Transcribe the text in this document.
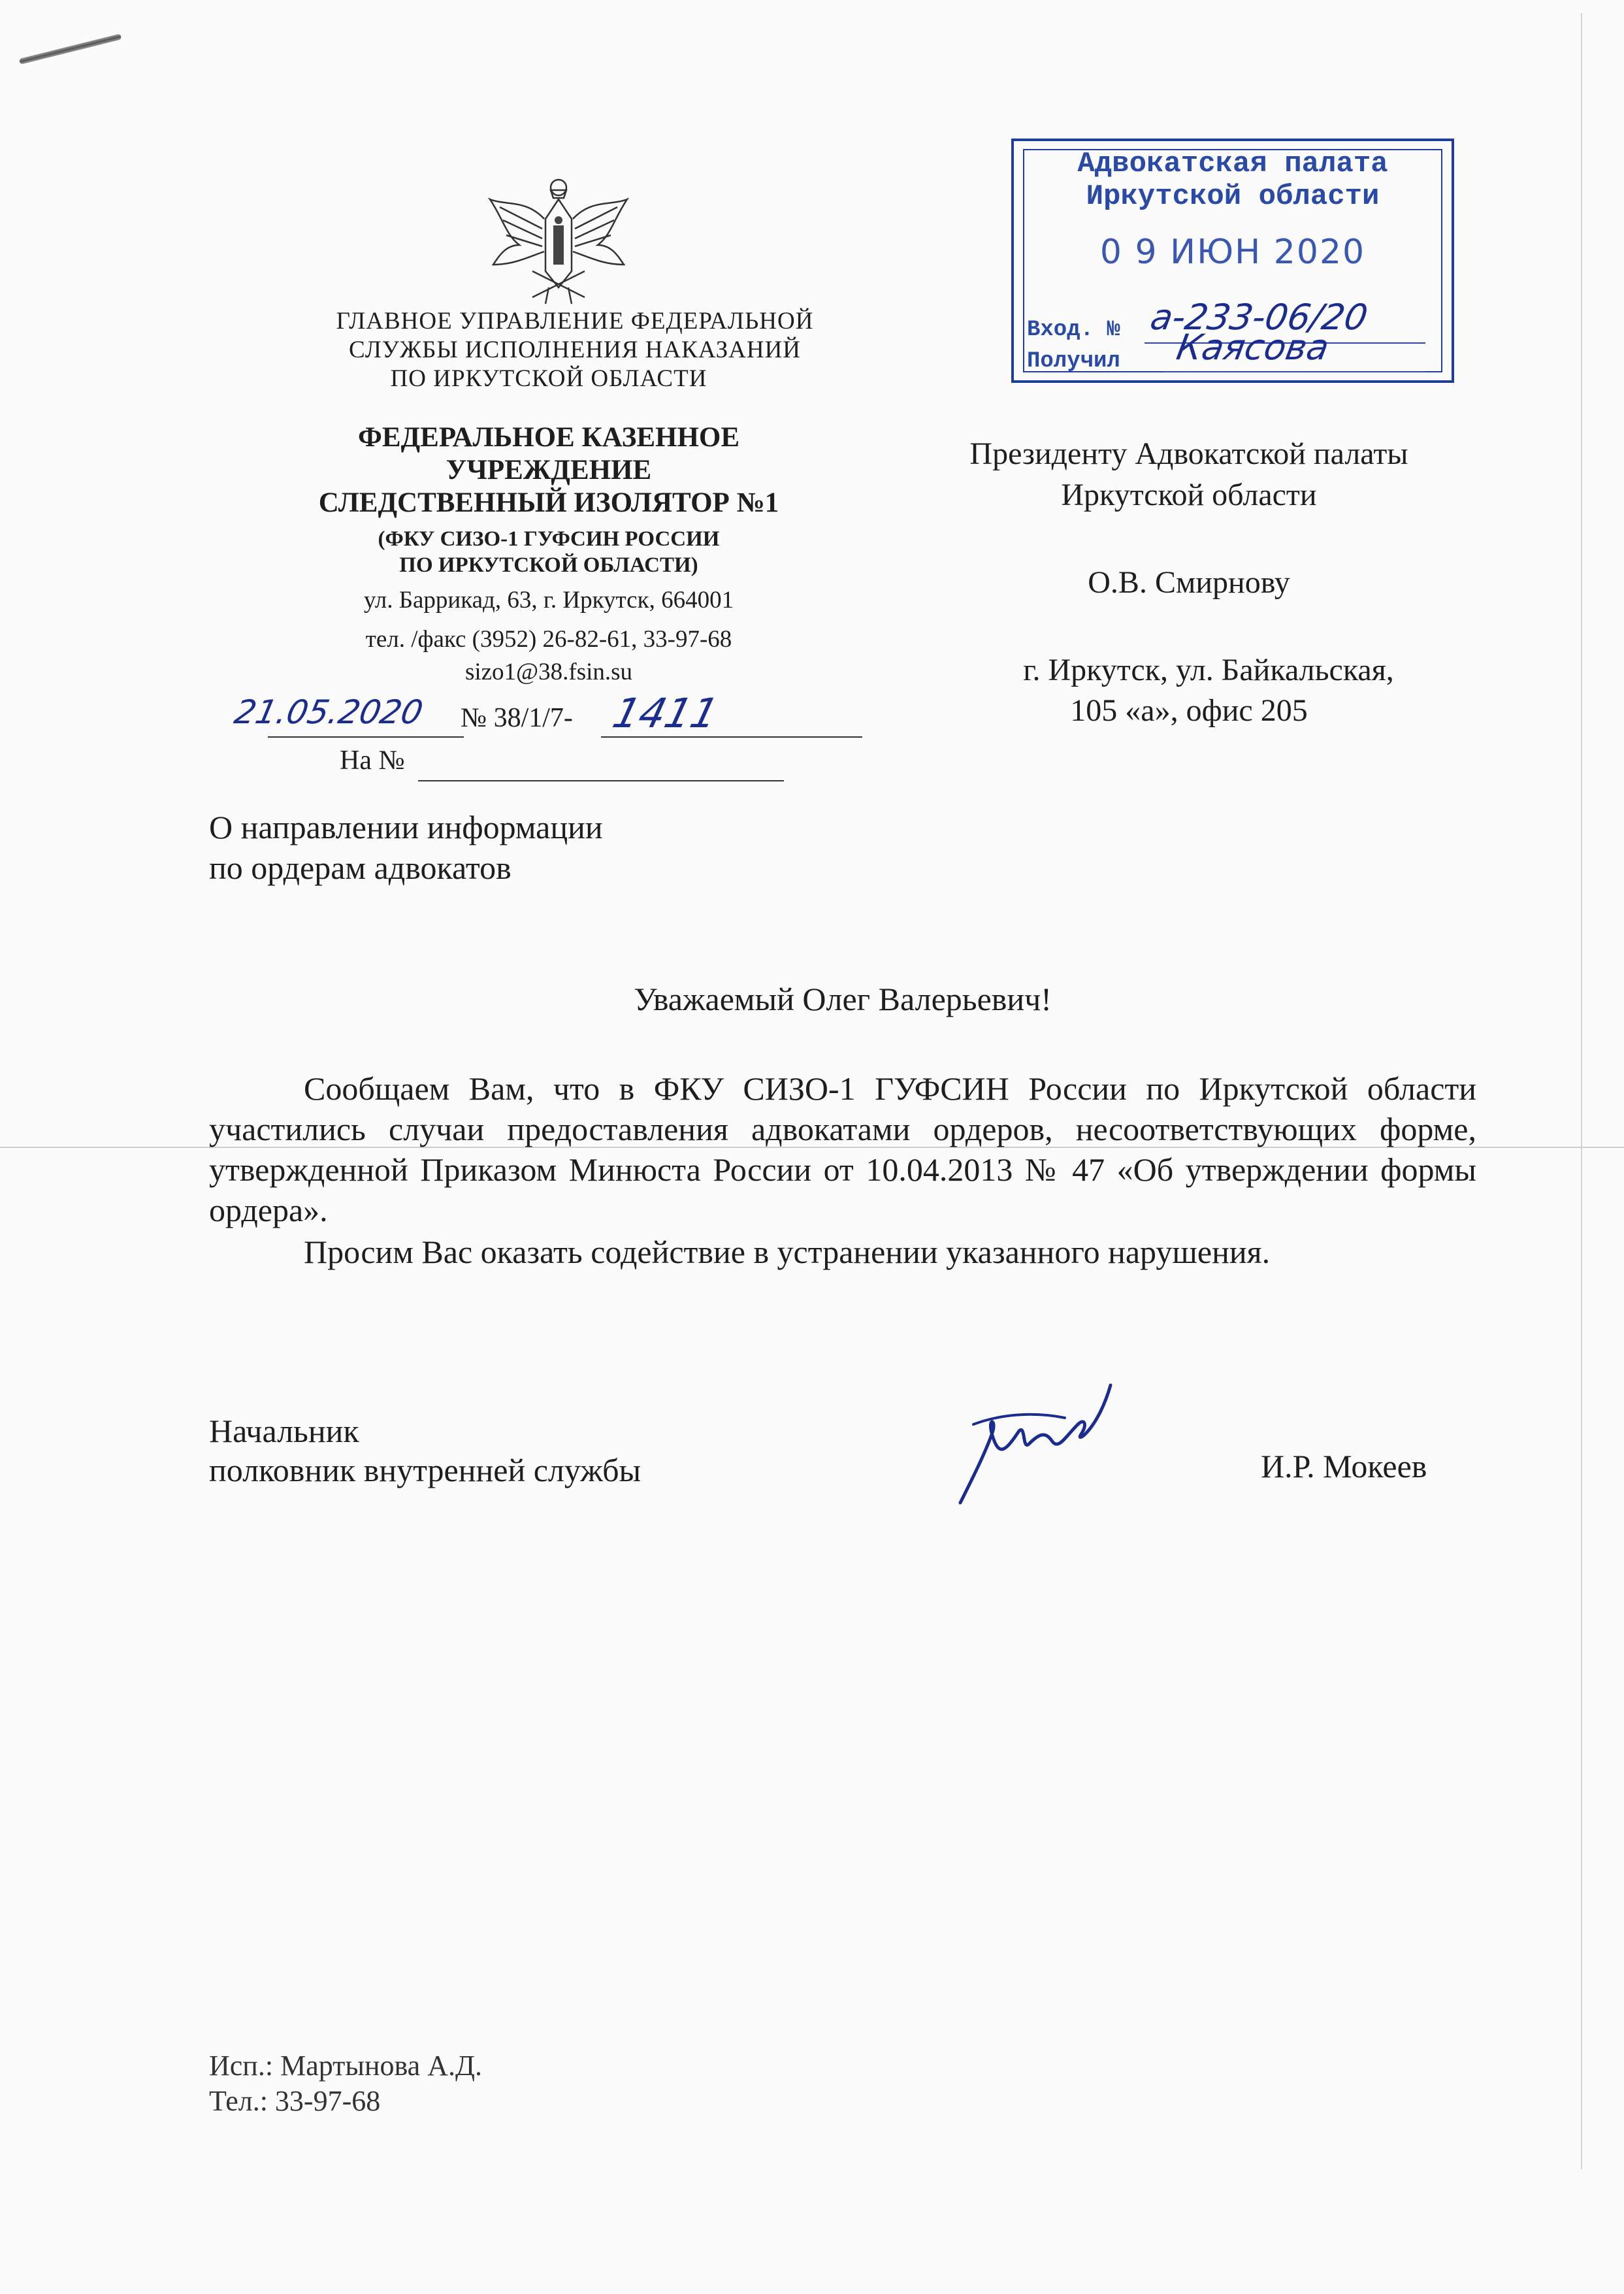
ГЛАВНОЕ УПРАВЛЕНИЕ ФЕДЕРАЛЬНОЙ
СЛУЖБЫ ИСПОЛНЕНИЯ НАКАЗАНИЙ
ПО ИРКУТСКОЙ ОБЛАСТИ
ФЕДЕРАЛЬНОЕ КАЗЕННОЕ
УЧРЕЖДЕНИЕ
СЛЕДСТВЕННЫЙ ИЗОЛЯТОР №1
(ФКУ СИЗО-1 ГУФСИН РОССИИ
ПО ИРКУТСКОЙ ОБЛАСТИ)
ул. Баррикад, 63, г. Иркутск, 664001
тел. /факс (3952) 26-82-61, 33-97-68
sizo1@38.fsin.su
21.05.2020 № 38/1/7- 1411
На №
Адвокатская палата
Иркутской области
0 9 ИЮН 2020
Вход. № а-233-06/20
Получил Каясова
Президенту Адвокатской палаты
Иркутской области
О.В. Смирнову
г. Иркутск, ул. Байкальская,
105 «а», офис 205
О направлении информации
по ордерам адвокатов
Уважаемый Олег Валерьевич!
Сообщаем Вам, что в ФКУ СИЗО-1 ГУФСИН России по Иркутской области участились случаи предоставления адвокатами ордеров, несоответствующих форме, утвержденной Приказом Минюста России от 10.04.2013 № 47 «Об утверждении формы ордера».
Просим Вас оказать содействие в устранении указанного нарушения.
Начальник
полковник внутренней службы	И.Р. Мокеев
Исп.: Мартынова А.Д.
Тел.: 33-97-68
